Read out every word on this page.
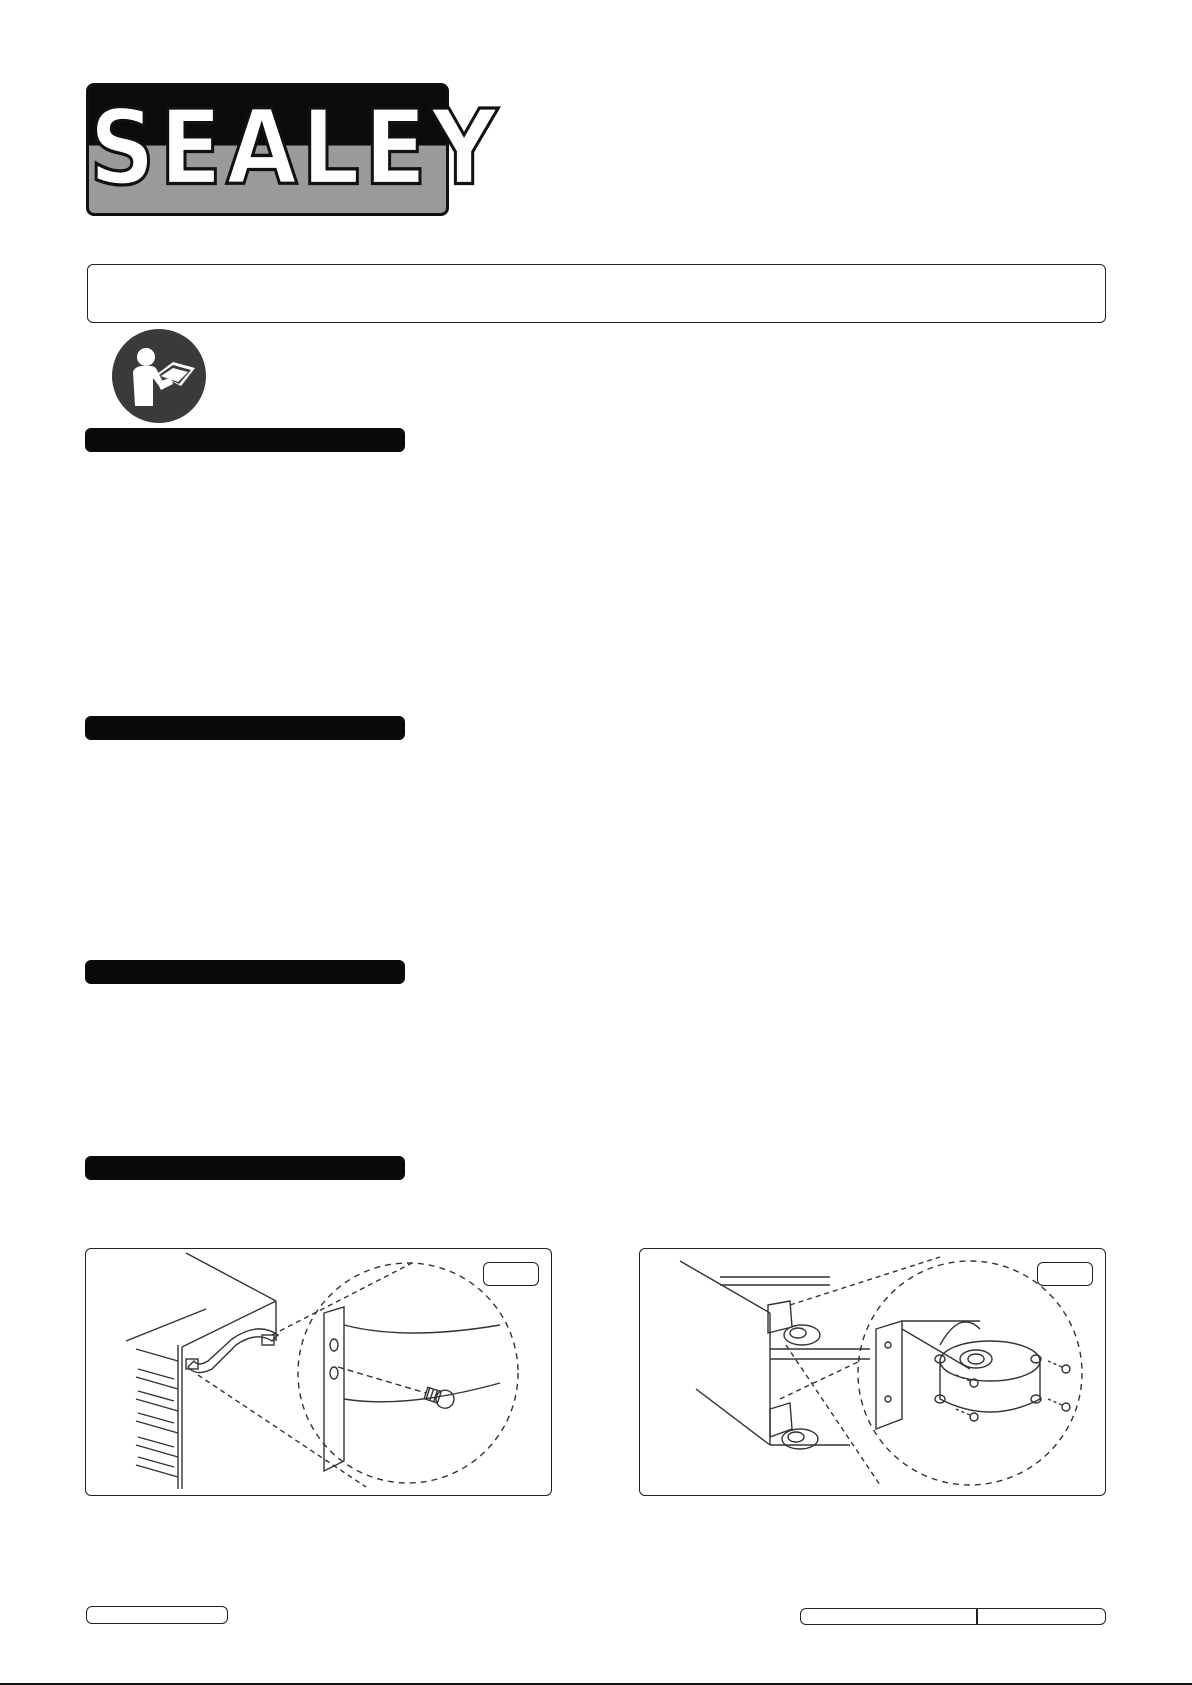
SEALEY
